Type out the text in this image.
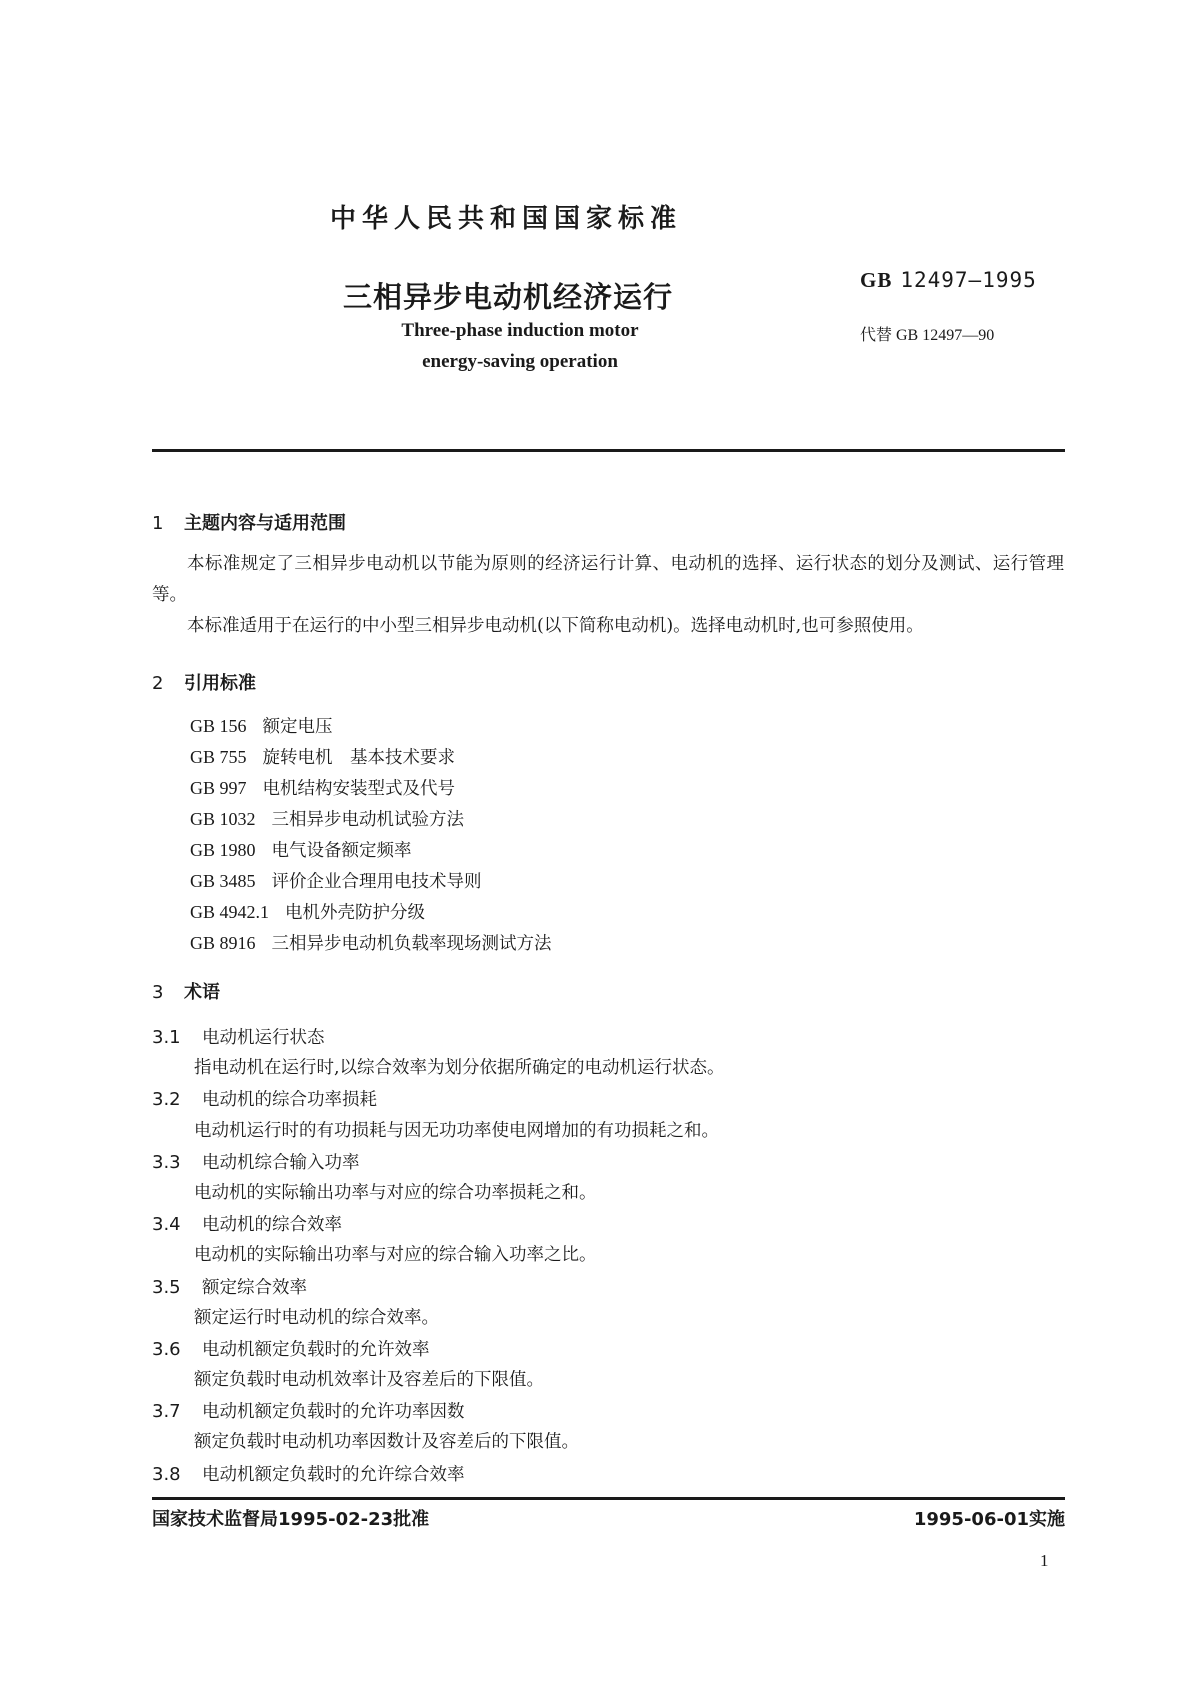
中华人民共和国国家标准
三相异步电动机经济运行
Three-phase induction motor
energy-saving operation
GB 12497—1995
代替 GB 12497—90
1 主题内容与适用范围
本标准规定了三相异步电动机以节能为原则的经济运行计算、电动机的选择、运行状态的划分及测试、运行管理等。
本标准适用于在运行的中小型三相异步电动机(以下简称电动机)。选择电动机时,也可参照使用。
2 引用标准
GB 156 额定电压
GB 755 旋转电机　基本技术要求
GB 997 电机结构安装型式及代号
GB 1032 三相异步电动机试验方法
GB 1980 电气设备额定频率
GB 3485 评价企业合理用电技术导则
GB 4942.1 电机外壳防护分级
GB 8916 三相异步电动机负载率现场测试方法
3 术语
3.1 电动机运行状态
指电动机在运行时,以综合效率为划分依据所确定的电动机运行状态。
3.2 电动机的综合功率损耗
电动机运行时的有功损耗与因无功功率使电网增加的有功损耗之和。
3.3 电动机综合输入功率
电动机的实际输出功率与对应的综合功率损耗之和。
3.4 电动机的综合效率
电动机的实际输出功率与对应的综合输入功率之比。
3.5 额定综合效率
额定运行时电动机的综合效率。
3.6 电动机额定负载时的允许效率
额定负载时电动机效率计及容差后的下限值。
3.7 电动机额定负载时的允许功率因数
额定负载时电动机功率因数计及容差后的下限值。
3.8 电动机额定负载时的允许综合效率
国家技术监督局1995-02-23批准	1995-06-01实施
1
